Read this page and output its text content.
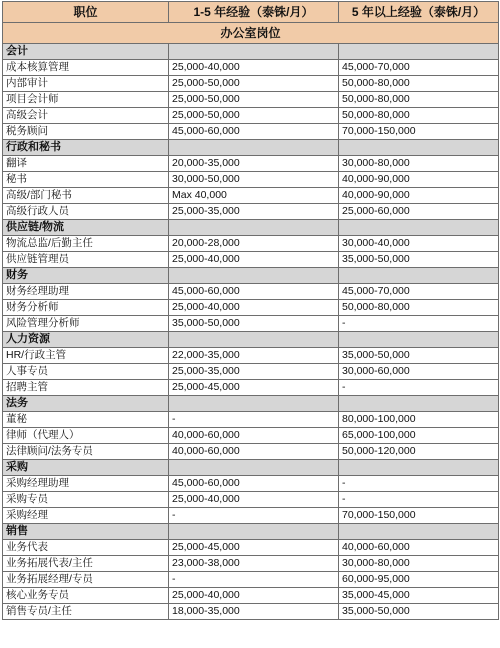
职位	1-5 年经验（泰铢/月）	5 年以上经验（泰铢/月）
办公室岗位		
会计		
成本核算管理	25,000-40,000	45,000-70,000
内部审计	25,000-50,000	50,000-80,000
项目会计师	25,000-50,000	50,000-80,000
高级会计	25,000-50,000	50,000-80,000
税务顾问	45,000-60,000	70,000-150,000
行政和秘书		
翻译	20,000-35,000	30,000-80,000
秘书	30,000-50,000	40,000-90,000
高级/部门秘书	Max 40,000	40,000-90,000
高级行政人员	25,000-35,000	25,000-60,000
供应链/物流		
物流总监/后勤主任	20,000-28,000	30,000-40,000
供应链管理员	25,000-40,000	35,000-50,000
财务		
财务经理助理	45,000-60,000	45,000-70,000
财务分析师	25,000-40,000	50,000-80,000
风险管理分析师	35,000-50,000	-
人力资源		
HR/行政主管	22,000-35,000	35,000-50,000
人事专员	25,000-35,000	30,000-60,000
招聘主管	25,000-45,000	-
法务		
董秘	-	80,000-100,000
律师（代理人）	40,000-60,000	65,000-100,000
法律顾问/法务专员	40,000-60,000	50,000-120,000
采购		
采购经理助理	45,000-60,000	-
采购专员	25,000-40,000	-
采购经理	-	70,000-150,000
销售		
业务代表	25,000-45,000	40,000-60,000
业务拓展代表/主任	23,000-38,000	30,000-80,000
业务拓展经理/专员	-	60,000-95,000
核心业务专员	25,000-40,000	35,000-45,000
销售专员/主任	18,000-35,000	35,000-50,000
